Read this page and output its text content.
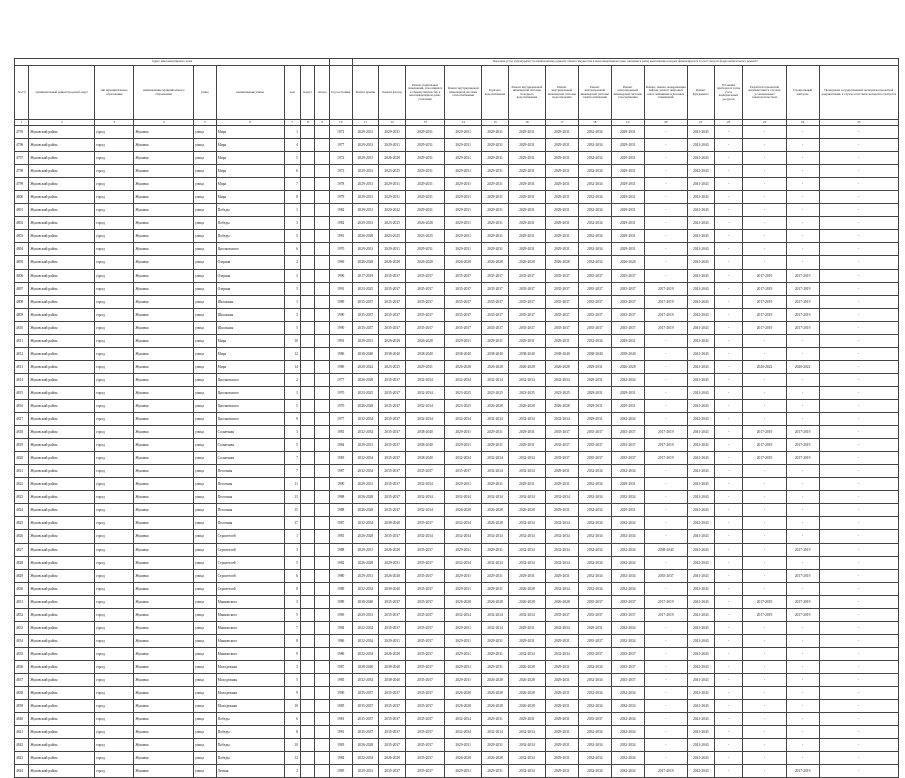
Адрес многоквартирного дома										Перечень услуг и (или) работ по капитальному ремонту общего имущества в многоквартирном доме, оказание и (или) выполнение которых финансируется за счет средств фонда капитального ремонта														
№ п/п	муниципальный район/городской округ	тип муниципального образования	наименование муниципального образования	улица	наименование улицы	дом	корпус	литера	Год постройки	Ремонт крыши	Ремонт фасада	Ремонт подвальных помещений, относящихся к общему имуществу в многоквартирном доме, утепление	Ремонт внутридомовой инженерной системы теплоснабжения	Горячего водоснабжения	Ремонт внутридомовой инженерной системы холодного водоснабжения	Ремонт внутридомовой инженерной системы водоотведения	Ремонт внутридомовой инженерной системы электроснабжения	Ремонт внутридомовой инженерной системы газоснабжения	Ремонт, замена, модернизация лифтов, ремонт лифтовых шахт, машинных и блочных помещений	Ремонт фундамента	Установка приборов и узлов учета коммунальных ресурсов	Разработка проектной документации в случаях, установленных законодательством	Строительный контроль	Проведение государственной экспертизы проектной документации, в случае если такая экспертиза требуется
1	2	3	4	5	6	7	8	9	10	11	12	13	14	15	16	17	18	19	20	21	22	23	24	25
4795	Жуковский район	город	Жуковка	улица	Мира	1			1972	2029-2031	2029-2031	2029-2031	2029-2031	2029-2031	2029-2031	2029-2031	2032-2034	2029-2031	-	2041-2043	-	-	-	-
4796	Жуковский район	город	Жуковка	улица	Мира	4			1977	2029-2031	2029-2031	2029-2031	2029-2031	2029-2031	2029-2031	2029-2031	2032-2034	2029-2031	-	2041-2043	-	-	-	-
4797	Жуковский район	город	Жуковка	улица	Мира	5			1972	2029-2031	2026-2028	2029-2031	2029-2031	2029-2031	2029-2031	2029-2031	2032-2034	2029-2031	-	2041-2043	-	-	-	-
4798	Жуковский район	город	Жуковка	улица	Мира	6			1973	2029-2031	2023-2025	2029-2031	2029-2031	2029-2031	2029-2031	2029-2031	2032-2034	2029-2031	-	2041-2043	-	-	-	-
4799	Жуковский район	город	Жуковка	улица	Мира	7			1978	2029-2031	2029-2031	2029-2031	2029-2031	2029-2031	2029-2031	2029-2031	2032-2034	2029-2031	-	2041-2043	-	-	-	-
4800	Жуковский район	город	Жуковка	улица	Мира	8			1979	2029-2031	2029-2031	2029-2031	2029-2031	2029-2031	2029-2031	2029-2031	2032-2034	2029-2031	-	2041-2043	-	-	-	-
4801	Жуковский район	город	Жуковка	улица	Победы	1			1982	2029-2031	2020-2022	2029-2031	2029-2031	2029-2031	2029-2031	2029-2031	2032-2034	2029-2031	-	2041-2043	-	-	-	-
4802	Жуковский район	город	Жуковка	улица	Победы	3			1982	2029-2031	2023-2025	2026-2028	2029-2031	2029-2031	2029-2031	2029-2031	2032-2034	2029-2031	-	2041-2043	-	-	-	-
4803	Жуковский район	город	Жуковка	улица	Победы	5			1981	2026-2028	2023-2025	2023-2025	2029-2031	2029-2031	2029-2031	2029-2031	2032-2034	2029-2031	-	2041-2043	-	-	-	-
4804	Жуковский район	город	Жуковка	улица	Циолковского	6			1970	2029-2031	2029-2031	2029-2031	2029-2031	2029-2031	2029-2031	2029-2031	2032-2034	2029-2031	-	2041-2043	-	-	-	-
4805	Жуковский район	город	Жуковка	улица	Озерная	2			1969	2026-2028	2026-2028	2026-2028	2026-2028	2026-2028	2026-2028	2026-2028	2032-2034	2026-2028	-	2041-2043	-	-	-	-
4806	Жуковский район	город	Жуковка	улица	Озерная	3			1996	2017-2019	2035-2037	2035-2037	2035-2037	2035-2037	2035-2037	2035-2037	2035-2037	2035-2037	-	2041-2043	-	2017-2019	2017-2019	-
4807	Жуковский район	город	Жуковка	улица	Озерная	5			1991	2023-2025	2035-2037	2035-2037	2035-2037	2035-2037	2035-2037	2035-2037	2035-2037	2035-2037	2017-2019	2041-2043	-	2017-2019	2017-2019	-
4808	Жуковский район	город	Жуковка	улица	Школьная	1			1989	2035-2037	2035-2037	2035-2037	2035-2037	2035-2037	2035-2037	2035-2037	2035-2037	2035-2037	2017-2019	2041-2043	-	2017-2019	2017-2019	-
4809	Жуковский район	город	Жуковка	улица	Школьная	3			1990	2035-2037	2035-2037	2035-2037	2035-2037	2035-2037	2035-2037	2035-2037	2035-2037	2035-2037	2017-2019	2041-2043	-	2017-2019	2017-2019	-
4810	Жуковский район	город	Жуковка	улица	Школьная	5			1990	2035-2037	2035-2037	2035-2037	2035-2037	2035-2037	2035-2037	2035-2037	2035-2037	2035-2037	2017-2019	2041-2043	-	2017-2019	2017-2019	-
4811	Жуковский район	город	Жуковка	улица	Мира	10			1991	2029-2031	2026-2028	2026-2028	2029-2031	2029-2031	2029-2031	2029-2031	2032-2034	2029-2031	-	2041-2043	-	-	-	-
4812	Жуковский район	город	Жуковка	улица	Мира	12			1986	2038-2040	2038-2040	2038-2040	2038-2040	2038-2040	2038-2040	2038-2040	2038-2040	2038-2040	-	2041-2043	-	-	-	-
4813	Жуковский район	город	Жуковка	улица	Мира	14			1989	2020-2022	2023-2025	2029-2031	2026-2028	2026-2028	2026-2028	2026-2028	2029-2031	2026-2028	-	2041-2043	-	2020-2022	2020-2022	-
4814	Жуковский район	город	Жуковка	улица	Циолковского	2			1977	2026-2028	2035-2037	2032-2034	2032-2034	2032-2034	2032-2034	2032-2034	2029-2031	2032-2034	-	2041-2043	-	-	-	-
4815	Жуковский район	город	Жуковка	улица	Циолковского	3			1970	2023-2025	2035-2037	2032-2034	2023-2025	2023-2025	2023-2025	2023-2025	2029-2031	2029-2031	-	2041-2043	-	-	-	-
4816	Жуковский район	город	Жуковка	улица	Циолковского	5			1970	2026-2028	2035-2037	2032-2034	2023-2025	2026-2028	2026-2028	2026-2028	2029-2031	2029-2031	-	2041-2043	-	-	-	-
4817	Жуковский район	город	Жуковка	улица	Циолковского	9			1977	2032-2034	2035-2037	2032-2034	2032-2034	2032-2034	2032-2034	2032-2034	2029-2031	2032-2034	-	2041-2043	-	-	-	-
4818	Жуковский район	город	Жуковка	улица	Солнечная	3			1981	2032-2034	2035-2037	2038-2040	2029-2031	2029-2031	2029-2031	2035-2037	2035-2037	2035-2037	2017-2019	2041-2043	-	2017-2019	2017-2019	-
4819	Жуковский район	город	Жуковка	улица	Солнечная	5			1984	2029-2031	2035-2037	2038-2040	2029-2031	2029-2031	2029-2031	2035-2037	2035-2037	2035-2037	2017-2019	2041-2043	-	2017-2019	2017-2019	-
4820	Жуковский район	город	Жуковка	улица	Солнечная	7			1983	2032-2034	2035-2037	2038-2040	2032-2034	2032-2034	2032-2034	2035-2037	2035-2037	2035-2037	2017-2019	2041-2043	-	2017-2019	2017-2019	-
4821	Жуковский район	город	Жуковка	улица	Песочная	7			1987	2032-2034	2035-2037	2035-2037	2035-2037	2032-2034	2032-2034	2029-2031	2032-2034	2032-2034	-	2041-2043	-	-	-	-
4822	Жуковский район	город	Жуковка	улица	Песочная	11			1990	2029-2031	2035-2037	2032-2034	2029-2031	2029-2031	2029-2031	2029-2031	2032-2034	2029-2031	-	2041-2043	-	-	-	-
4823	Жуковский район	город	Жуковка	улица	Песочная	13			1988	2026-2028	2035-2037	2032-2034	2032-2034	2032-2034	2032-2034	2032-2034	2032-2034	2032-2034	-	2041-2043	-	-	-	-
4824	Жуковский район	город	Жуковка	улица	Песочная	15			1988	2026-2028	2035-2037	2032-2034	2026-2028	2026-2028	2026-2028	2029-2031	2032-2034	2029-2031	-	2041-2043	-	-	-	-
4825	Жуковский район	город	Жуковка	улица	Песочная	17			1987	2032-2034	2038-2040	2035-2037	2032-2034	2026-2028	2032-2034	2032-2034	2032-2034	2032-2034	-	2041-2043	-	-	-	-
4826	Жуковский район	город	Жуковка	улица	Строителей	1			1981	2026-2028	2035-2037	2032-2034	2032-2034	2032-2034	2032-2034	2032-2034	2032-2034	2032-2034	-	2041-2043	-	-	-	-
4827	Жуковский район	город	Жуковка	улица	Строителей	3			1988	2029-2031	2026-2028	2035-2037	2029-2031	2029-2031	2032-2034	2032-2034	2032-2034	2032-2034	2038-2040	2041-2043	-	-	2017-2019	-
4828	Жуковский район	город	Жуковка	улица	Строителей	5			1982	2026-2028	2029-2031	2035-2037	2032-2034	2032-2034	2032-2034	2032-2034	2032-2034	2032-2034	-	2041-2043	-	-	-	-
4829	Жуковский район	город	Жуковка	улица	Строителей	6			1980	2029-2031	2026-2028	2035-2037	2029-2031	2029-2031	2029-2031	2029-2031	2032-2034	2032-2034	2035-2037	2041-2043	-	-	2017-2019	-
4830	Жуковский район	город	Жуковка	улица	Строителей	8			1989	2032-2034	2038-2040	2035-2037	2029-2031	2029-2031	2026-2028	2032-2034	2032-2034	2032-2034	-	2041-2043	-	-	-	-
4831	Жуковский район	город	Жуковка	улица	Маяковского	3			1989	2038-2040	2035-2037	2035-2037	2026-2028	2026-2028	2026-2028	2026-2028	2035-2037	2035-2037	2017-2019	2041-2043	-	2017-2019	2017-2019	-
4832	Жуковский район	город	Жуковка	улица	Маяковского	5			1969	2029-2031	2035-2037	2035-2037	2032-2034	2032-2034	2032-2034	2035-2037	2035-2037	2035-2037	2017-2019	2041-2043	-	2017-2019	2017-2019	-
4833	Жуковский район	город	Жуковка	улица	Маяковского	7			1984	2032-2034	2035-2037	2035-2037	2029-2031	2032-2034	2029-2031	2032-2034	2029-2031	2032-2034	-	2041-2043	-	-	-	-
4834	Жуковский район	город	Жуковка	улица	Маяковского	8			1986	2032-2034	2029-2031	2035-2037	2029-2031	2029-2031	2029-2031	2029-2031	2035-2037	2032-2034	-	2041-2043	-	-	-	-
4835	Жуковский район	город	Жуковка	улица	Маяковского	9			1986	2032-2034	2026-2028	2035-2037	2029-2031	2029-2031	2032-2034	2032-2034	2035-2037	2035-2037	-	2041-2043	-	-	-	-
4836	Жуковский район	город	Жуковка	улица	Молодежная	3			1987	2038-2040	2038-2040	2035-2037	2029-2031	2029-2031	2026-2028	2029-2031	2032-2034	2035-2037	-	2041-2043	-	-	-	-
4837	Жуковский район	город	Жуковка	улица	Молодежная	5			1985	2032-2034	2038-2040	2035-2037	2029-2031	2026-2028	2026-2028	2029-2031	2032-2034	2035-2037	-	2041-2043	-	-	-	-
4838	Жуковский район	город	Жуковка	улица	Молодежная	9			1990	2035-2037	2035-2037	2035-2037	2026-2028	2026-2028	2026-2028	2029-2031	2032-2034	2032-2034	-	2041-2043	-	-	-	-
4839	Жуковский район	город	Жуковка	улица	Молодежная	10			1985	2035-2037	2035-2037	2035-2037	2026-2028	2026-2028	2026-2028	2029-2031	2032-2034	2032-2034	-	2041-2043	-	-	-	-
4840	Жуковский район	город	Жуковка	улица	Победы	6			1981	2035-2037	2035-2037	2035-2037	2032-2034	2029-2031	2029-2031	2029-2031	2035-2037	2032-2034	-	2041-2043	-	-	-	-
4841	Жуковский район	город	Жуковка	улица	Победы	8			1981	2035-2037	2035-2037	2035-2037	2032-2034	2032-2034	2032-2034	2029-2031	2032-2034	2032-2034	-	2041-2043	-	-	-	-
4842	Жуковский район	город	Жуковка	улица	Победы	10			1983	2026-2028	2035-2037	2035-2037	2029-2031	2029-2031	2032-2034	2029-2031	2032-2034	2032-2034	-	2041-2043	-	-	-	-
4843	Жуковский район	город	Жуковка	улица	Победы	12			1984	2032-2034	2026-2028	2035-2037	2026-2028	2026-2028	2032-2034	2029-2031	2032-2034	2032-2034	-	2041-2043	-	-	-	-
4844	Жуковский район	город	Жуковка	улица	Летняя	2			1985	2029-2031	2035-2037	2035-2037	2029-2031	2029-2031	2032-2034	2029-2031	2032-2034	2032-2034	2017-2019	2041-2043	-	-	2017-2019	-
